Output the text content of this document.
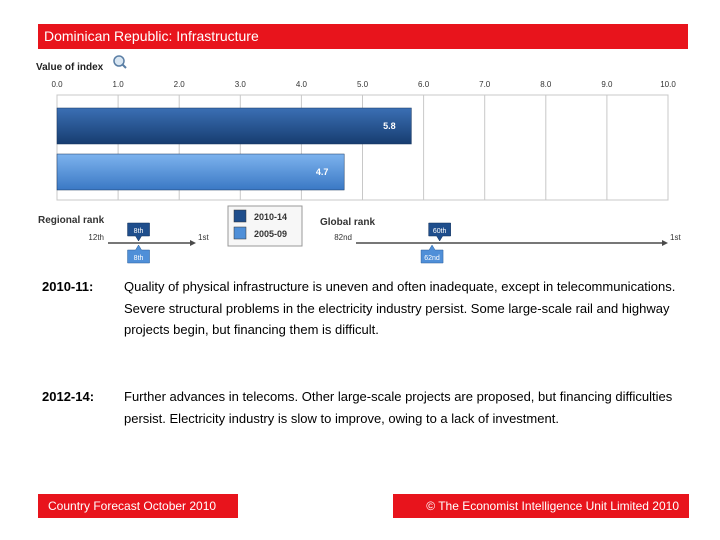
Dominican Republic: Infrastructure
Value of index
0.0	1.0	2.0	3.0	4.0	5.0	6.0	7.0	8.0	9.0	10.0
5.8
4.7
2010-14
2005-09
Regional rank
12th	1st
8th
8th
Global rank
82nd	1st
60th
62nd
2010-11: Quality of physical infrastructure is uneven and often inadequate, except in telecommunications. Severe structural problems in the electricity industry persist. Some large-scale rail and highway projects begin, but financing them is difficult.

2012-14: Further advances in telecoms. Other large-scale projects are proposed, but financing difficulties persist. Electricity industry is slow to improve, owing to a lack of investment.

Country Forecast October 2010	© The Economist Intelligence Unit Limited 2010
